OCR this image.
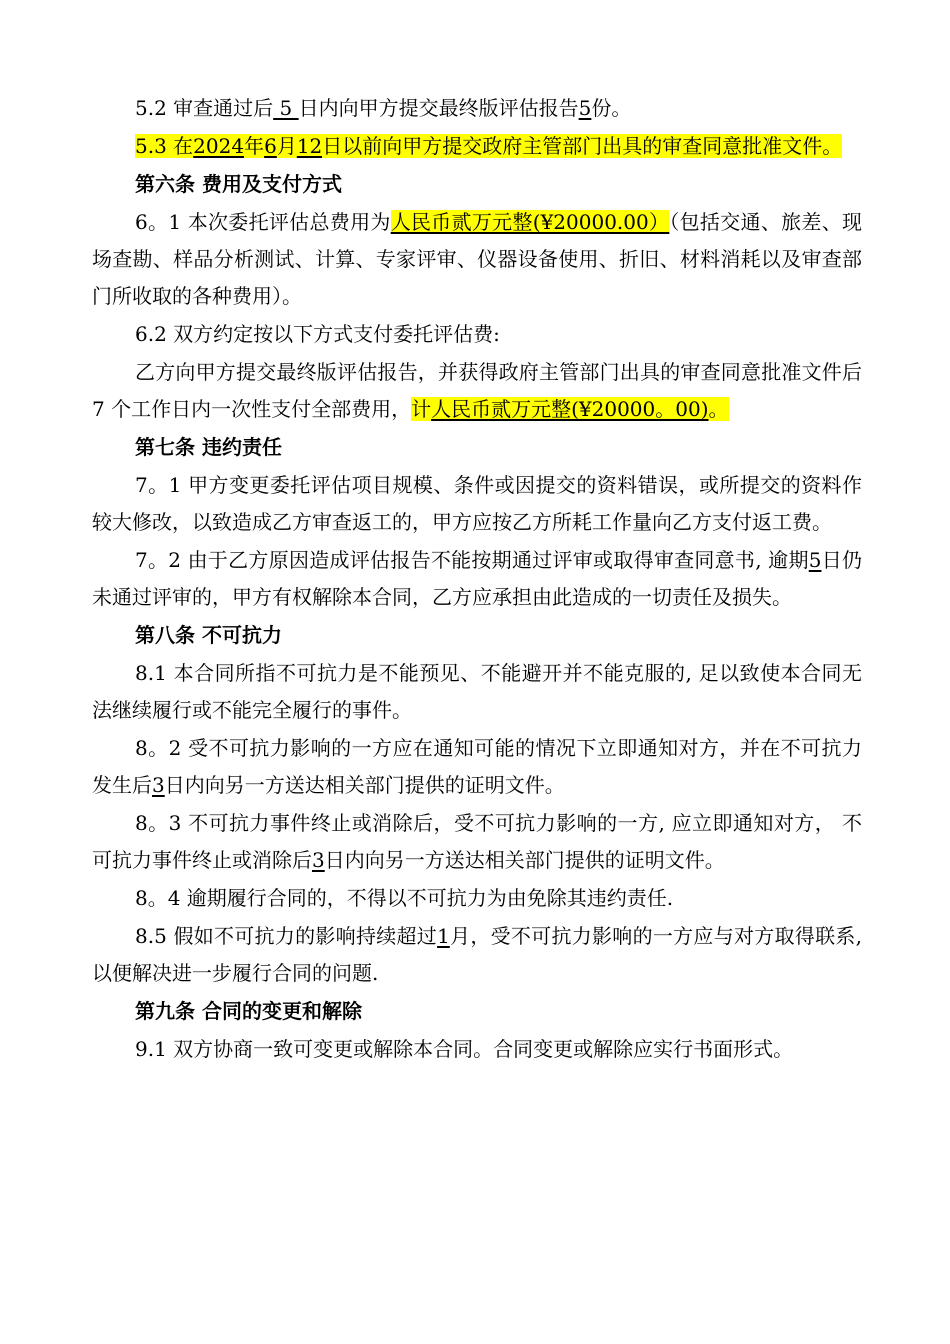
5.2 审查通过后 5 日内向甲方提交最终版评估报告5份。

5.3 在2024年6月12日以前向甲方提交政府主管部门出具的审查同意批准文件。

第六条 费用及支付方式

6。1 本次委托评估总费用为人民币贰万元整(¥20000.00）（包括交通、旅差、现场查勘、样品分析测试、计算、专家评审、仪器设备使用、折旧、材料消耗以及审查部门所收取的各种费用）。

6.2 双方约定按以下方式支付委托评估费:

乙方向甲方提交最终版评估报告，并获得政府主管部门出具的审查同意批准文件后 7 个工作日内一次性支付全部费用，计人民币贰万元整(¥20000。00)。

第七条 违约责任

7。1 甲方变更委托评估项目规模、条件或因提交的资料错误，或所提交的资料作较大修改，以致造成乙方审查返工的，甲方应按乙方所耗工作量向乙方支付返工费。

7。2 由于乙方原因造成评估报告不能按期通过评审或取得审查同意书, 逾期5日仍未通过评审的，甲方有权解除本合同，乙方应承担由此造成的一切责任及损失。

第八条 不可抗力

8.1 本合同所指不可抗力是不能预见、不能避开并不能克服的, 足以致使本合同无法继续履行或不能完全履行的事件。

8。2 受不可抗力影响的一方应在通知可能的情况下立即通知对方，并在不可抗力发生后3日内向另一方送达相关部门提供的证明文件。

8。3 不可抗力事件终止或消除后，受不可抗力影响的一方, 应立即通知对方， 不可抗力事件终止或消除后3日内向另一方送达相关部门提供的证明文件。

8。4 逾期履行合同的，不得以不可抗力为由免除其违约责任.

8.5 假如不可抗力的影响持续超过1月，受不可抗力影响的一方应与对方取得联系, 以便解决进一步履行合同的问题.

第九条 合同的变更和解除

9.1 双方协商一致可变更或解除本合同。合同变更或解除应实行书面形式。
